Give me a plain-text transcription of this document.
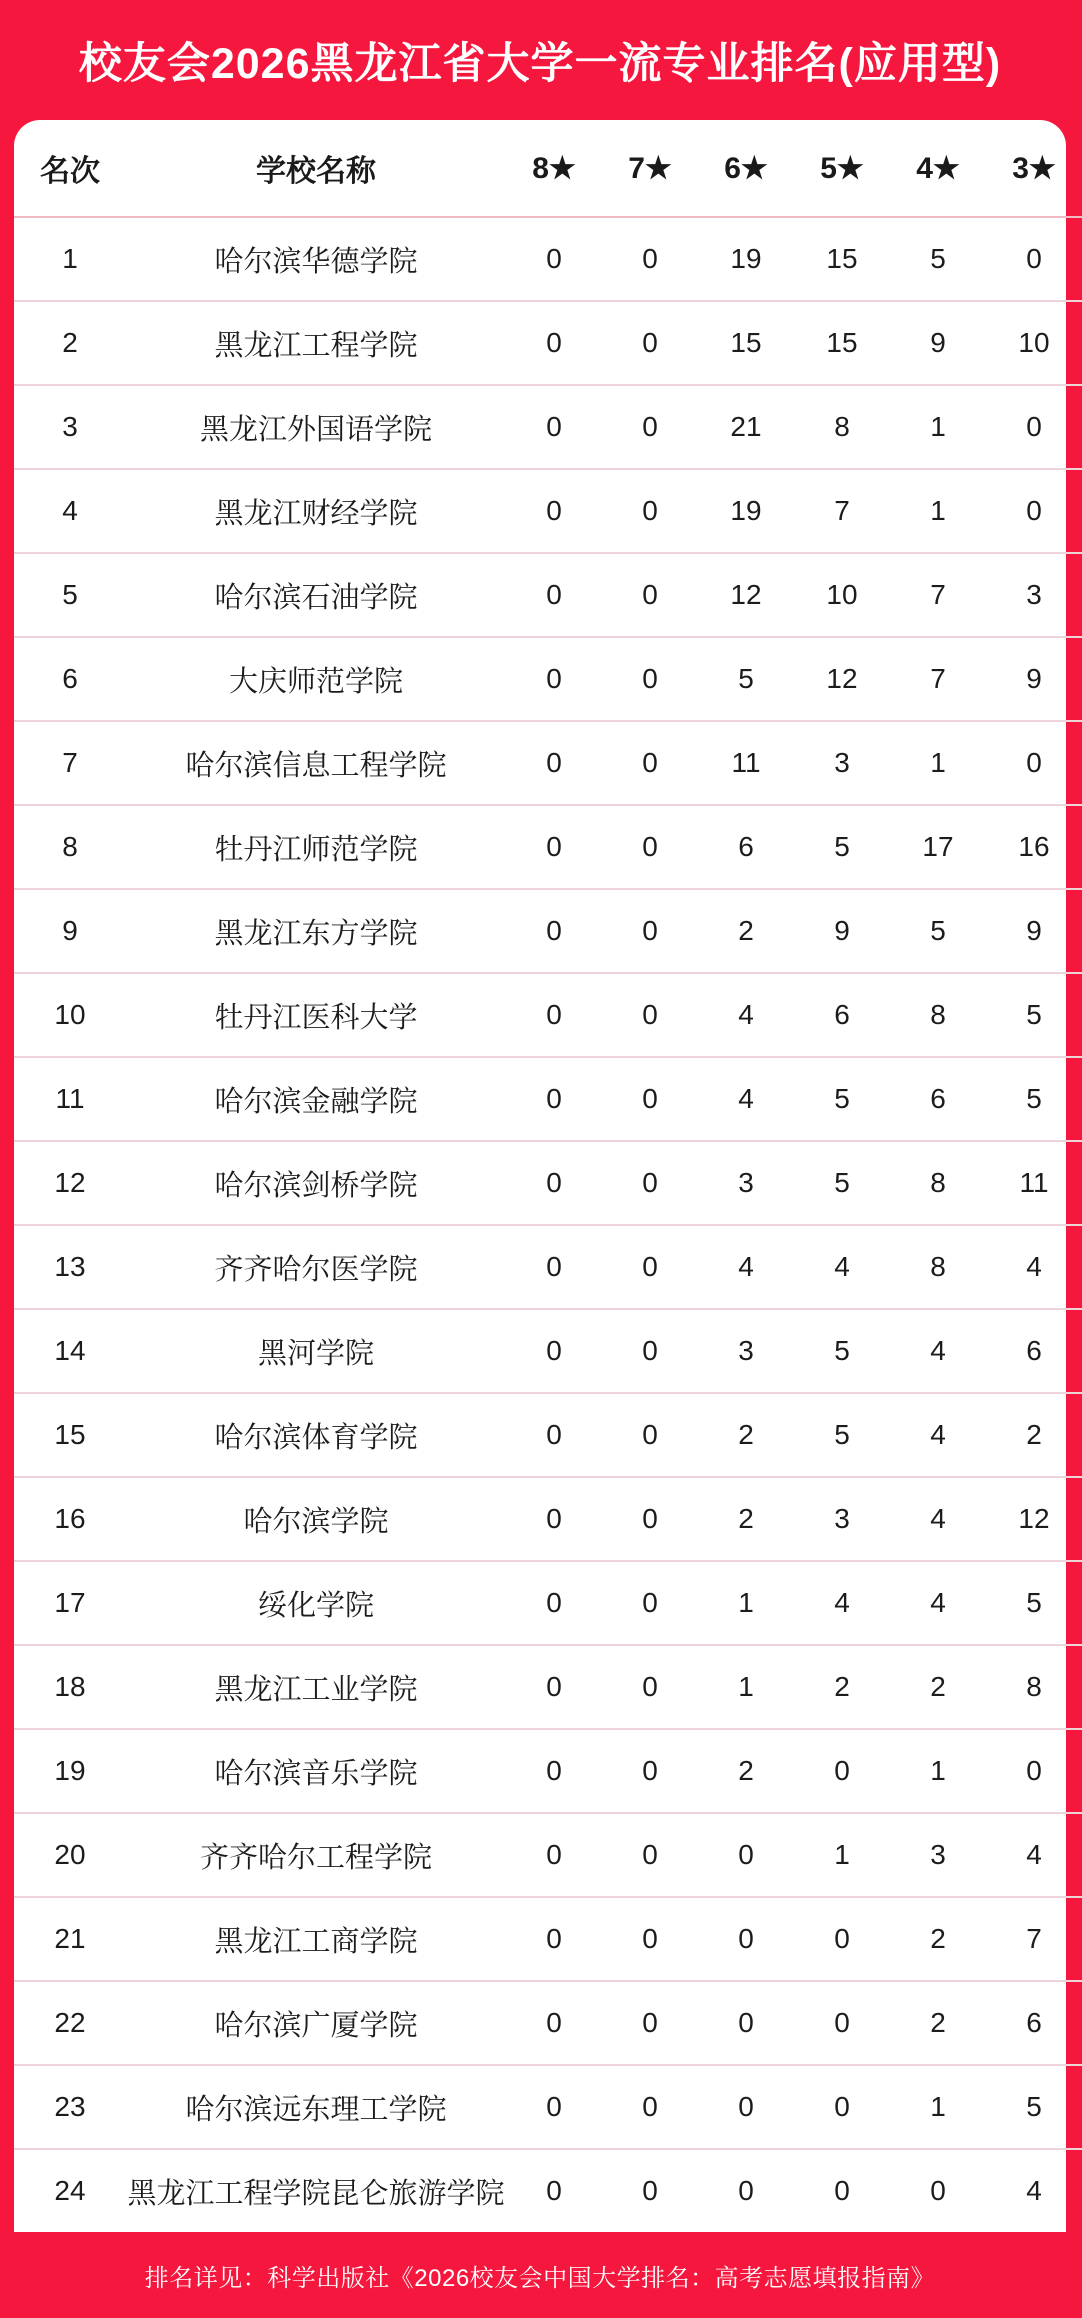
校友会2026黑龙江省大学一流专业排名(应用型)
名次	学校名称	8★	7★	6★	5★	4★	3★
1	哈尔滨华德学院	0	0	19	15	5	0
2	黑龙江工程学院	0	0	15	15	9	10
3	黑龙江外国语学院	0	0	21	8	1	0
4	黑龙江财经学院	0	0	19	7	1	0
5	哈尔滨石油学院	0	0	12	10	7	3
6	大庆师范学院	0	0	5	12	7	9
7	哈尔滨信息工程学院	0	0	11	3	1	0
8	牡丹江师范学院	0	0	6	5	17	16
9	黑龙江东方学院	0	0	2	9	5	9
10	牡丹江医科大学	0	0	4	6	8	5
11	哈尔滨金融学院	0	0	4	5	6	5
12	哈尔滨剑桥学院	0	0	3	5	8	11
13	齐齐哈尔医学院	0	0	4	4	8	4
14	黑河学院	0	0	3	5	4	6
15	哈尔滨体育学院	0	0	2	5	4	2
16	哈尔滨学院	0	0	2	3	4	12
17	绥化学院	0	0	1	4	4	5
18	黑龙江工业学院	0	0	1	2	2	8
19	哈尔滨音乐学院	0	0	2	0	1	0
20	齐齐哈尔工程学院	0	0	0	1	3	4
21	黑龙江工商学院	0	0	0	0	2	7
22	哈尔滨广厦学院	0	0	0	0	2	6
23	哈尔滨远东理工学院	0	0	0	0	1	5
24	黑龙江工程学院昆仑旅游学院	0	0	0	0	0	4
排名详见：科学出版社《2026校友会中国大学排名：高考志愿填报指南》
